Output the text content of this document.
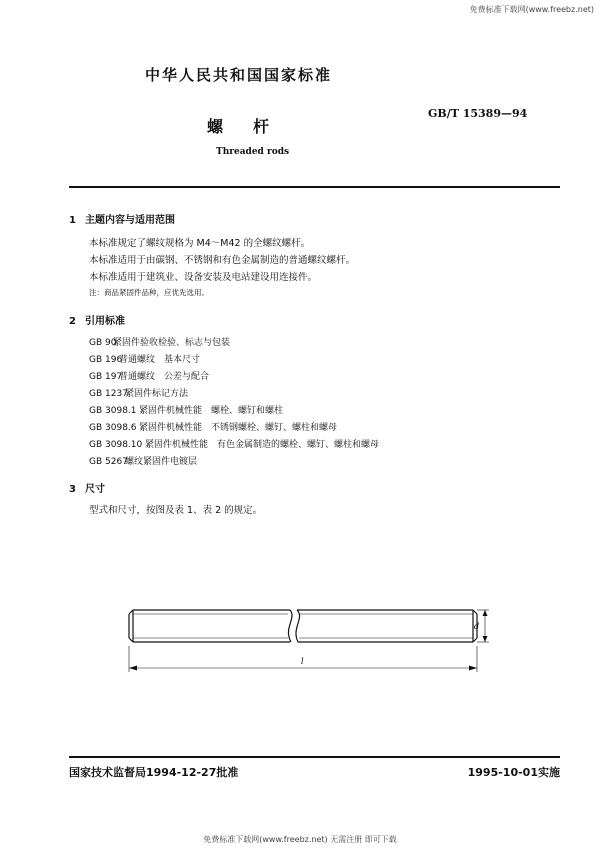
免费标准下载网(www.freebz.net)
中华人民共和国国家标准
GB/T 15389—94
螺杆
Threaded rods
1 主题内容与适用范围
本标准规定了螺纹规格为 M4～M42 的全螺纹螺杆。
本标准适用于由碳钢、不锈钢和有色金属制造的普通螺纹螺杆。
本标准适用于建筑业、设备安装及电站建设用连接件。
注：商品紧固件品种，应优先选用。
2 引用标准
GB 90紧固件验收检验、标志与包装
GB 196普通螺纹　基本尺寸
GB 197普通螺纹　公差与配合
GB 1237紧固件标记方法
GB 3098.1 紧固件机械性能　螺栓、螺钉和螺柱
GB 3098.6 紧固件机械性能　不锈钢螺栓、螺钉、螺柱和螺母
GB 3098.10 紧固件机械性能　有色金属制造的螺栓、螺钉、螺柱和螺母
GB 5267螺纹紧固件电镀层
3 尺寸
型式和尺寸，按图及表 1、表 2 的规定。
d
l
国家技术监督局1994-12-27批准	1995-10-01实施
免费标准下载网(www.freebz.net) 无需注册 即可下载
